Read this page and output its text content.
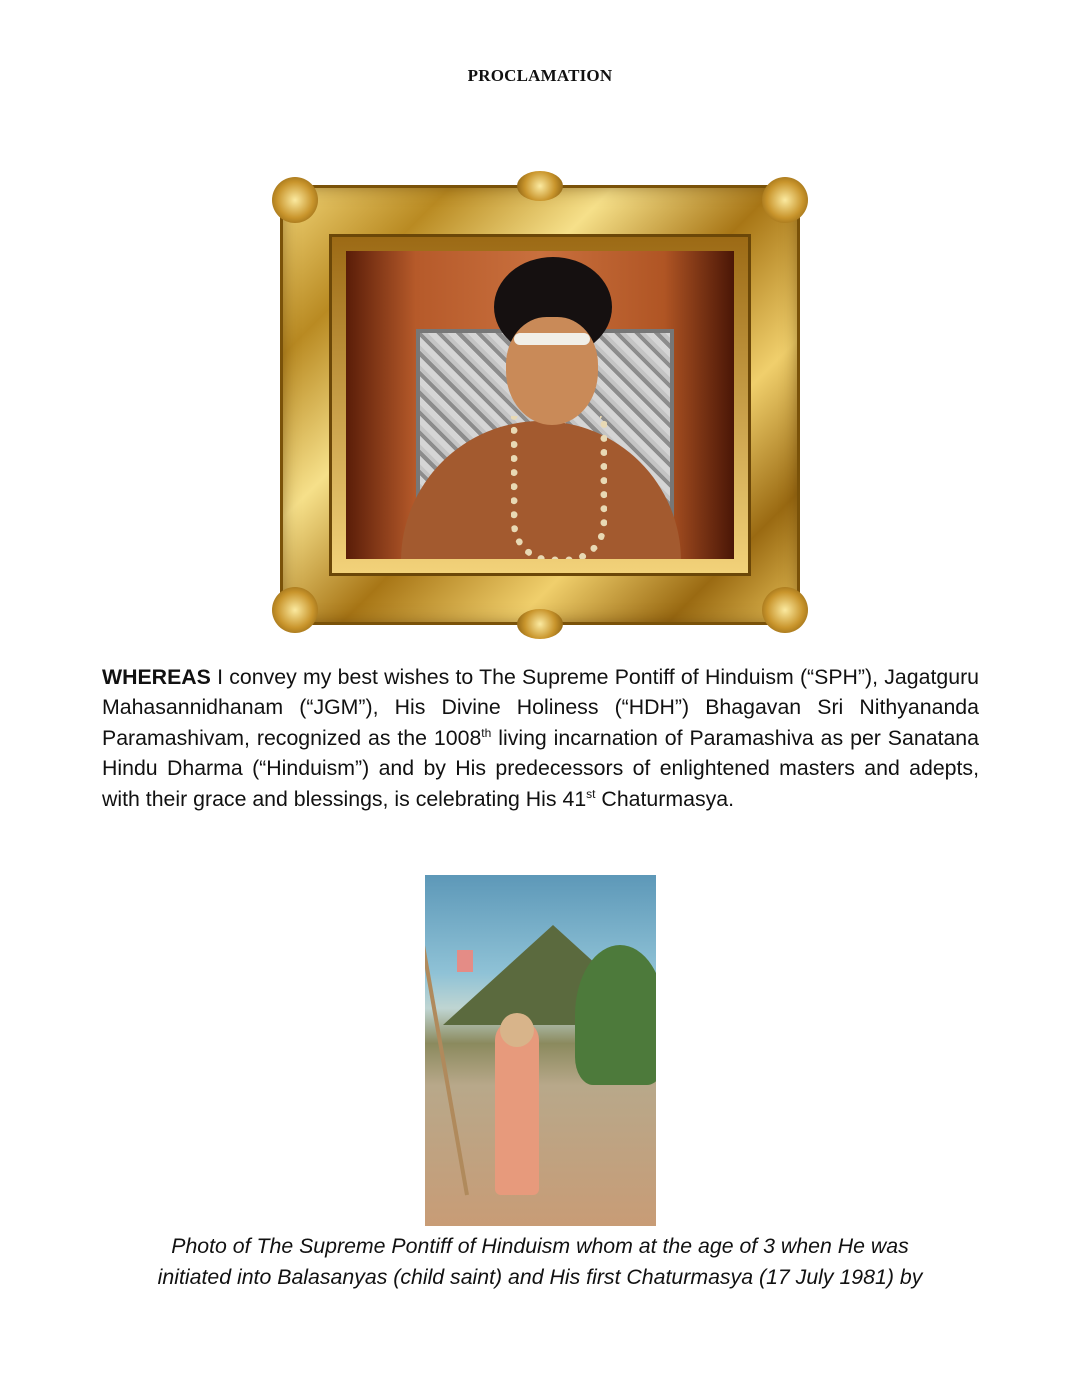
PROCLAMATION

WHEREAS I convey my best wishes to The Supreme Pontiff of Hinduism (“SPH”), Jagatguru Mahasannidhanam (“JGM”), His Divine Holiness (“HDH”) Bhagavan Sri Nithyananda Paramashivam, recognized as the 1008th living incarnation of Paramashiva as per Sanatana Hindu Dharma (“Hinduism”) and by His predecessors of enlightened masters and adepts, with their grace and blessings, is celebrating His 41st Chaturmasya.

Photo of The Supreme Pontiff of Hinduism whom at the age of 3 when He was
initiated into Balasanyas (child saint) and His first Chaturmasya (17 July 1981) by
